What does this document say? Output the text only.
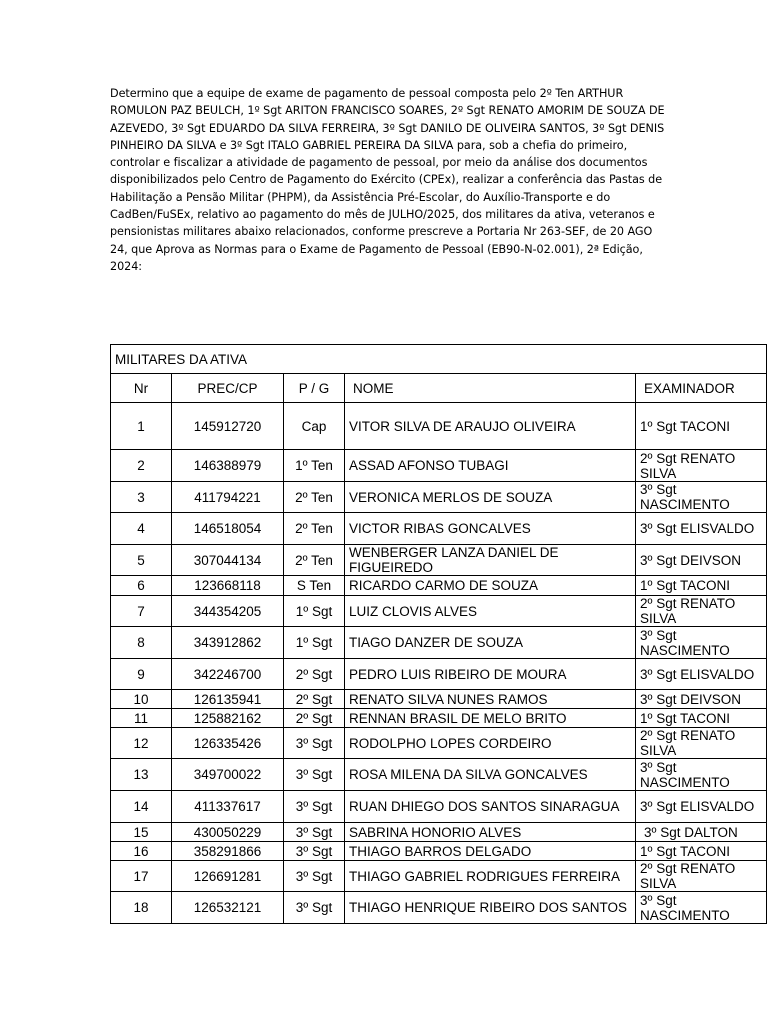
Determino que a equipe de exame de pagamento de pessoal composta pelo 2º Ten ARTHUR ROMULON PAZ BEULCH, 1º Sgt ARITON FRANCISCO SOARES, 2º Sgt RENATO AMORIM DE SOUZA DE AZEVEDO, 3º Sgt EDUARDO DA SILVA FERREIRA, 3º Sgt DANILO DE OLIVEIRA SANTOS, 3º Sgt DENIS PINHEIRO DA SILVA e 3º Sgt ITALO GABRIEL PEREIRA DA SILVA para, sob a chefia do primeiro, controlar e fiscalizar a atividade de pagamento de pessoal, por meio da análise dos documentos disponibilizados pelo Centro de Pagamento do Exército (CPEx), realizar a conferência das Pastas de Habilitação a Pensão Militar (PHPM), da Assistência Pré-Escolar, do Auxílio-Transporte e do CadBen/FuSEx, relativo ao pagamento do mês de JULHO/2025, dos militares da ativa, veteranos e pensionistas militares abaixo relacionados, conforme prescreve a Portaria Nr 263-SEF, de 20 AGO 24, que Aprova as Normas para o Exame de Pagamento de Pessoal (EB90-N-02.001), 2ª Edição, 2024:

MILITARES DA ATIVA				
Nr	PREC/CP	P / G	NOME	EXAMINADOR
1	145912720	Cap	VITOR SILVA DE ARAUJO OLIVEIRA	1º Sgt TACONI
2	146388979	1º Ten	ASSAD AFONSO TUBAGI	2º Sgt RENATO SILVA
3	411794221	2º Ten	VERONICA MERLOS DE SOUZA	3º Sgt NASCIMENTO
4	146518054	2º Ten	VICTOR RIBAS GONCALVES	3º Sgt ELISVALDO
5	307044134	2º Ten	WENBERGER LANZA DANIEL DE FIGUEIREDO	3º Sgt DEIVSON
6	123668118	S Ten	RICARDO CARMO DE SOUZA	1º Sgt TACONI
7	344354205	1º Sgt	LUIZ CLOVIS ALVES	2º Sgt RENATO SILVA
8	343912862	1º Sgt	TIAGO DANZER DE SOUZA	3º Sgt NASCIMENTO
9	342246700	2º Sgt	PEDRO LUIS RIBEIRO DE MOURA	3º Sgt ELISVALDO
10	126135941	2º Sgt	RENATO SILVA NUNES RAMOS	3º Sgt DEIVSON
11	125882162	2º Sgt	RENNAN BRASIL DE MELO BRITO	1º Sgt TACONI
12	126335426	3º Sgt	RODOLPHO LOPES CORDEIRO	2º Sgt RENATO SILVA
13	349700022	3º Sgt	ROSA MILENA DA SILVA GONCALVES	3º Sgt NASCIMENTO
14	411337617	3º Sgt	RUAN DHIEGO DOS SANTOS SINARAGUA	3º Sgt ELISVALDO
15	430050229	3º Sgt	SABRINA HONORIO ALVES	3º Sgt DALTON
16	358291866	3º Sgt	THIAGO BARROS DELGADO	1º Sgt TACONI
17	126691281	3º Sgt	THIAGO GABRIEL RODRIGUES FERREIRA	2º Sgt RENATO SILVA
18	126532121	3º Sgt	THIAGO HENRIQUE RIBEIRO DOS SANTOS	3º Sgt NASCIMENTO
